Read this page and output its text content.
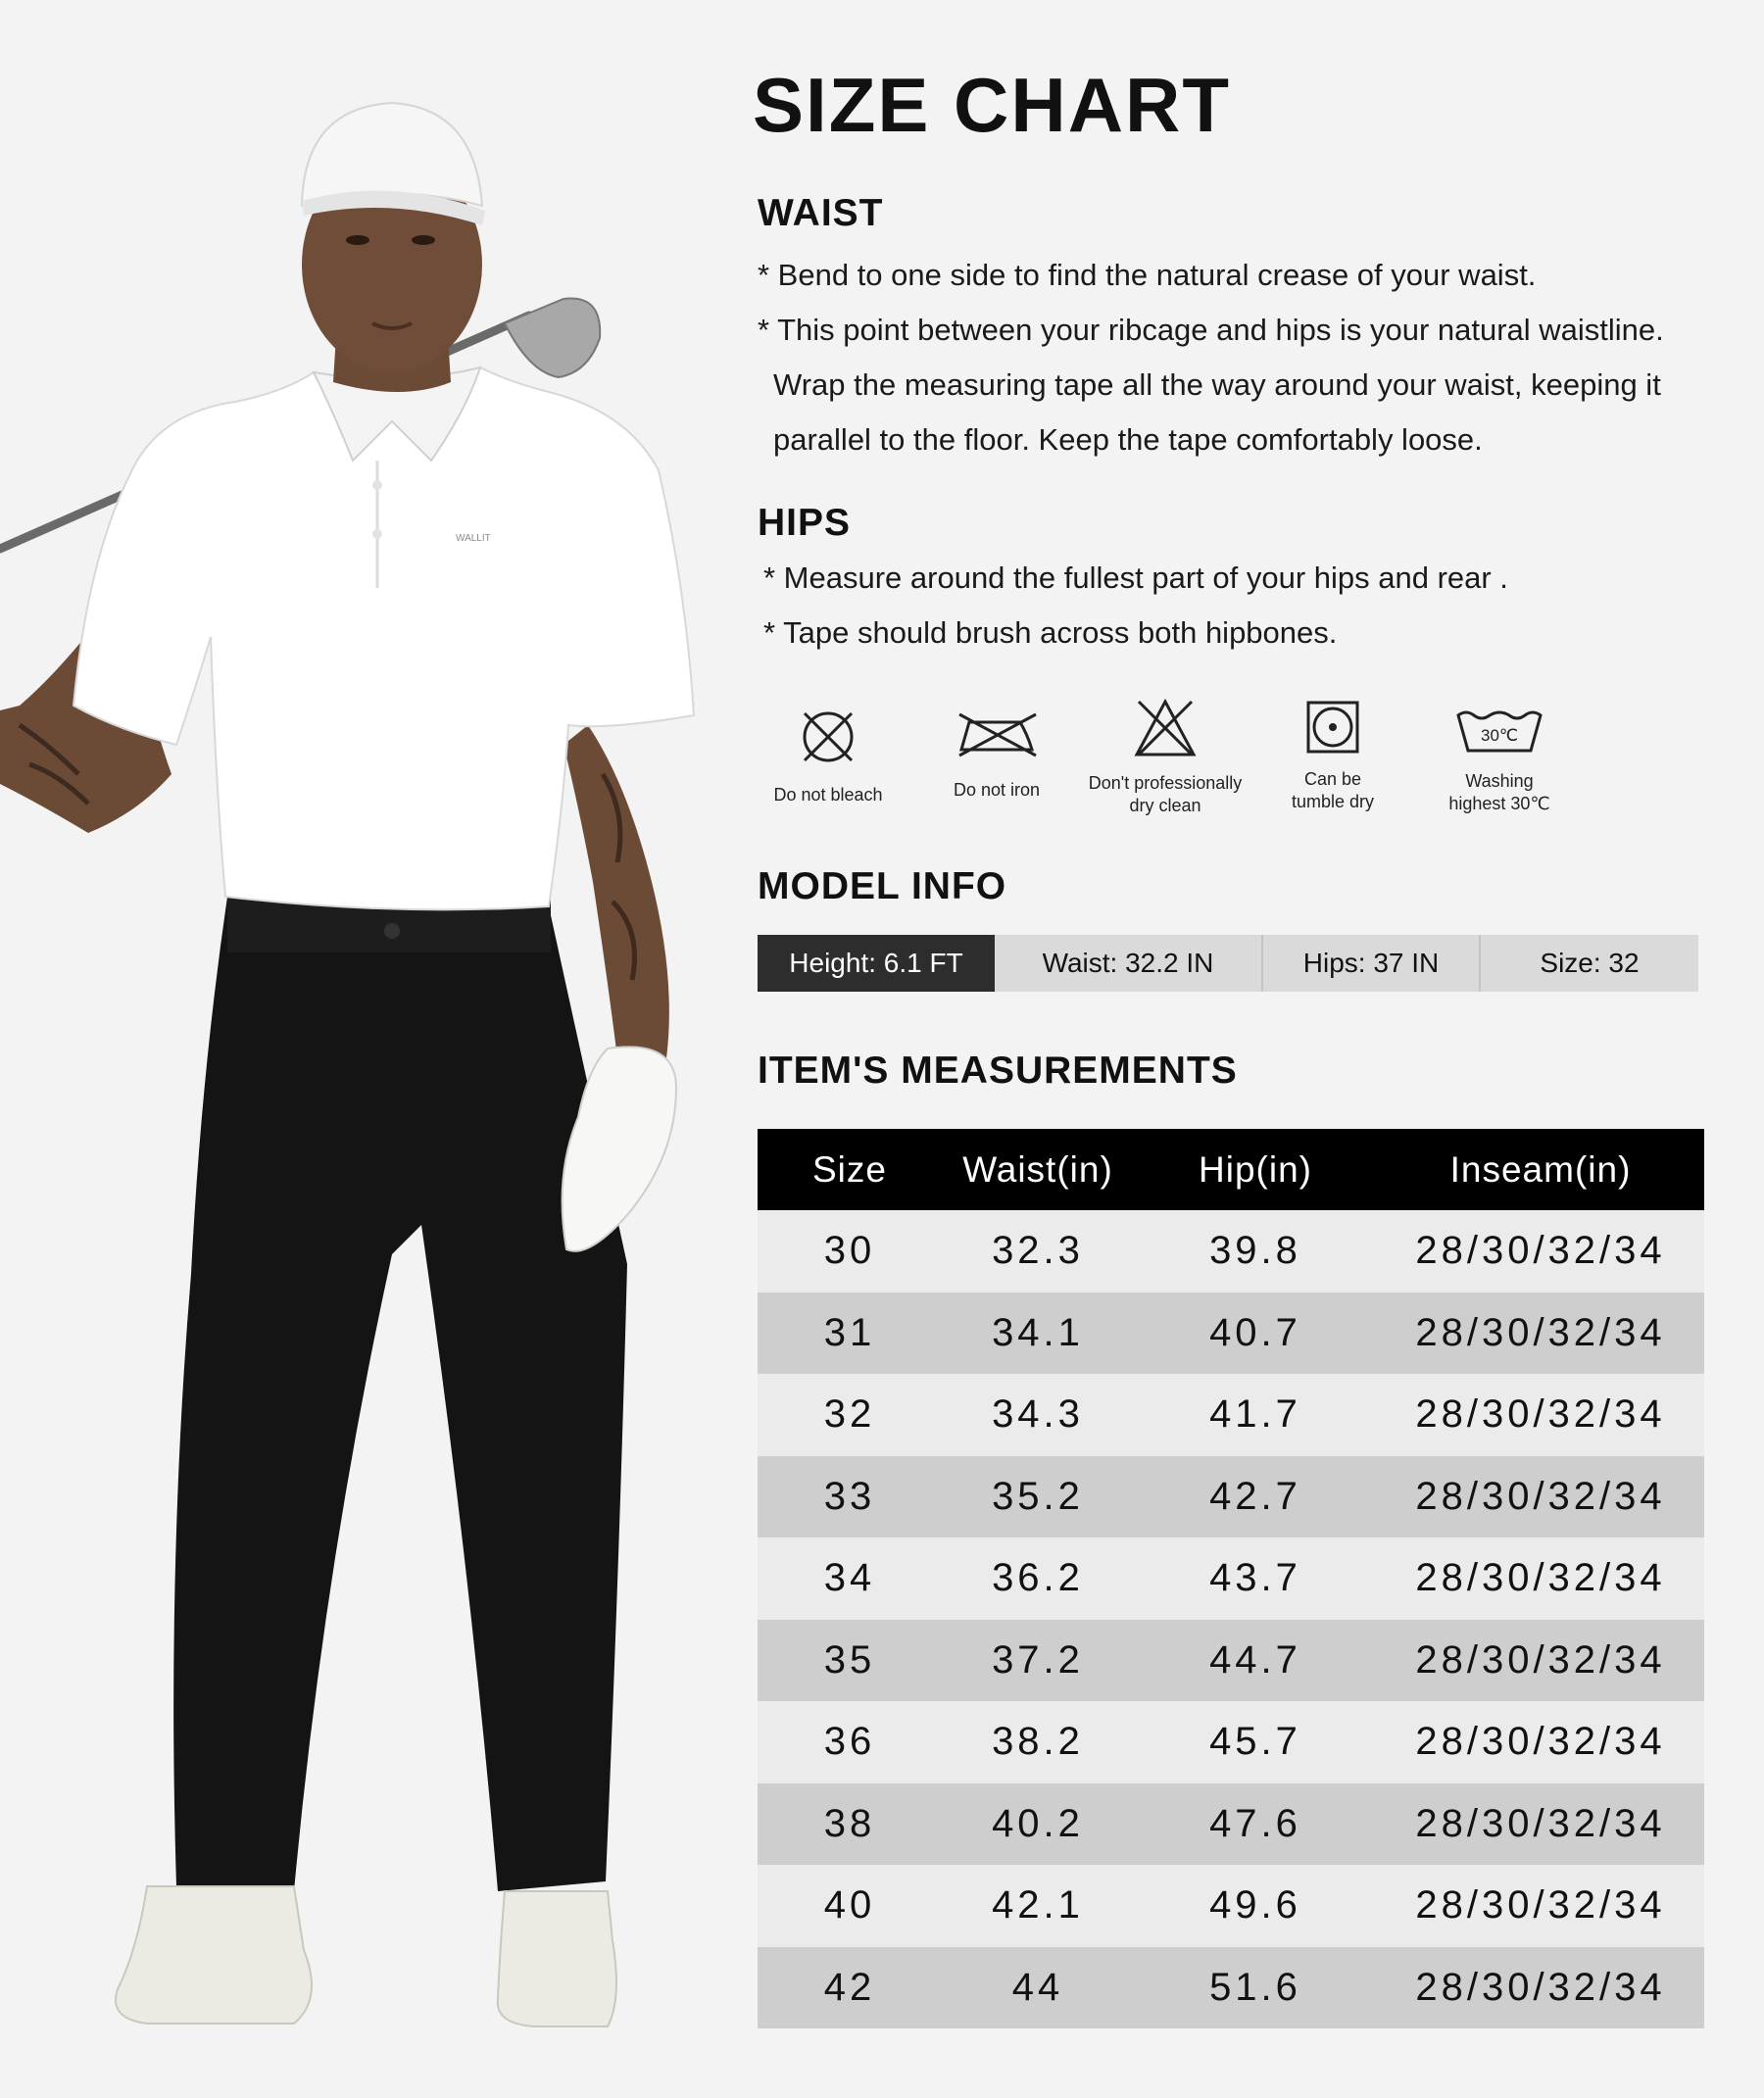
WALLIT
SIZE CHART
WAIST
* Bend to one side to find the natural crease of your waist.
* This point between your ribcage and hips is your natural waistline.
Wrap the measuring tape all the way around your waist, keeping it
parallel to the floor. Keep the tape comfortably loose.
HIPS
* Measure around the fullest part of your hips and rear .
* Tape should brush across both hipbones.
Do not bleach	Do not iron	Don't professionally
dry clean
Can be
tumble dry
30℃
Washing
highest 30℃
MODEL INFO
Height: 6.1 FT	Waist: 32.2 IN	Hips: 37 IN	Size: 32
ITEM'S MEASUREMENTS
Size	Waist(in)	Hip(in)	Inseam(in)
30	32.3	39.8	28/30/32/34
31	34.1	40.7	28/30/32/34
32	34.3	41.7	28/30/32/34
33	35.2	42.7	28/30/32/34
34	36.2	43.7	28/30/32/34
35	37.2	44.7	28/30/32/34
36	38.2	45.7	28/30/32/34
38	40.2	47.6	28/30/32/34
40	42.1	49.6	28/30/32/34
42	44	51.6	28/30/32/34
